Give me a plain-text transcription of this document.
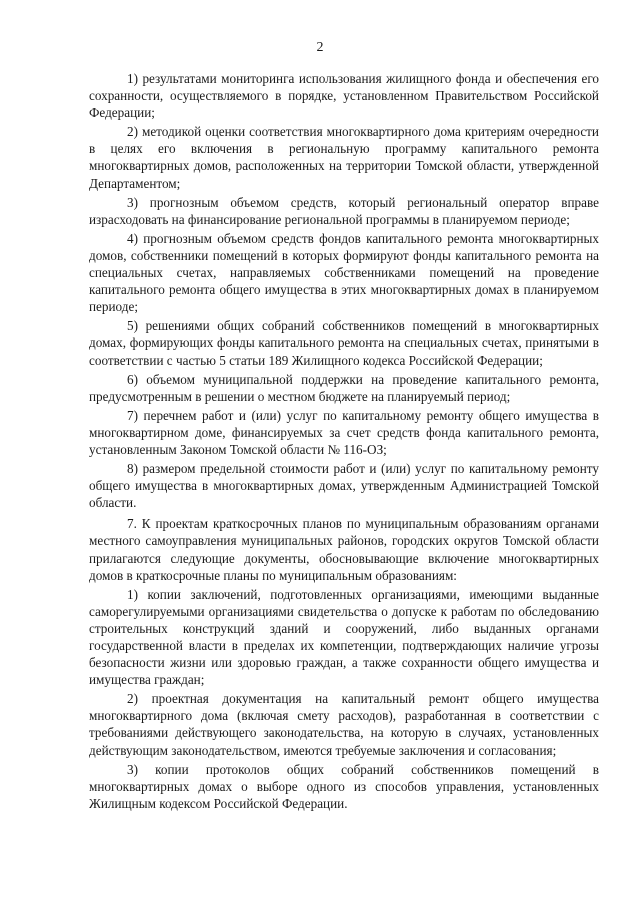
2

1) результатами мониторинга использования жилищного фонда и обеспечения его сохранности, осуществляемого в порядке, установленном Правительством Российской Федерации;

2) методикой оценки соответствия многоквартирного дома критериям очередности в целях его включения в региональную программу капитального ремонта многоквартирных домов, расположенных на территории Томской области, утвержденной Департаментом;

3) прогнозным объемом средств, который региональный оператор вправе израсходовать на финансирование региональной программы в планируемом периоде;

4) прогнозным объемом средств фондов капитального ремонта многоквартирных домов, собственники помещений в которых формируют фонды капитального ремонта на специальных счетах, направляемых собственниками помещений на проведение капитального ремонта общего имущества в этих многоквартирных домах в планируемом периоде;

5) решениями общих собраний собственников помещений в многоквартирных домах, формирующих фонды капитального ремонта на специальных счетах, принятыми в соответствии с частью 5 статьи 189 Жилищного кодекса Российской Федерации;

6) объемом муниципальной поддержки на проведение капитального ремонта, предусмотренным в решении о местном бюджете на планируемый период;

7) перечнем работ и (или) услуг по капитальному ремонту общего имущества в многоквартирном доме, финансируемых за счет средств фонда капитального ремонта, установленным Законом Томской области № 116-ОЗ;

8) размером предельной стоимости работ и (или) услуг по капитальному ремонту общего имущества в многоквартирных домах, утвержденным Администрацией Томской области.

7. К проектам краткосрочных планов по муниципальным образованиям органами местного самоуправления муниципальных районов, городских округов Томской области прилагаются следующие документы, обосновывающие включение многоквартирных домов в краткосрочные планы по муниципальным образованиям:

1) копии заключений, подготовленных организациями, имеющими выданные саморегулируемыми организациями свидетельства о допуске к работам по обследованию строительных конструкций зданий и сооружений, либо выданных органами государственной власти в пределах их компетенции, подтверждающих наличие угрозы безопасности жизни или здоровью граждан, а также сохранности общего имущества и имущества граждан;

2) проектная документация на капитальный ремонт общего имущества многоквартирного дома (включая смету расходов), разработанная в соответствии с требованиями действующего законодательства, на которую в случаях, установленных действующим законодательством, имеются требуемые заключения и согласования;

3) копии протоколов общих собраний собственников помещений в многоквартирных домах о выборе одного из способов управления, установленных Жилищным кодексом Российской Федерации.
